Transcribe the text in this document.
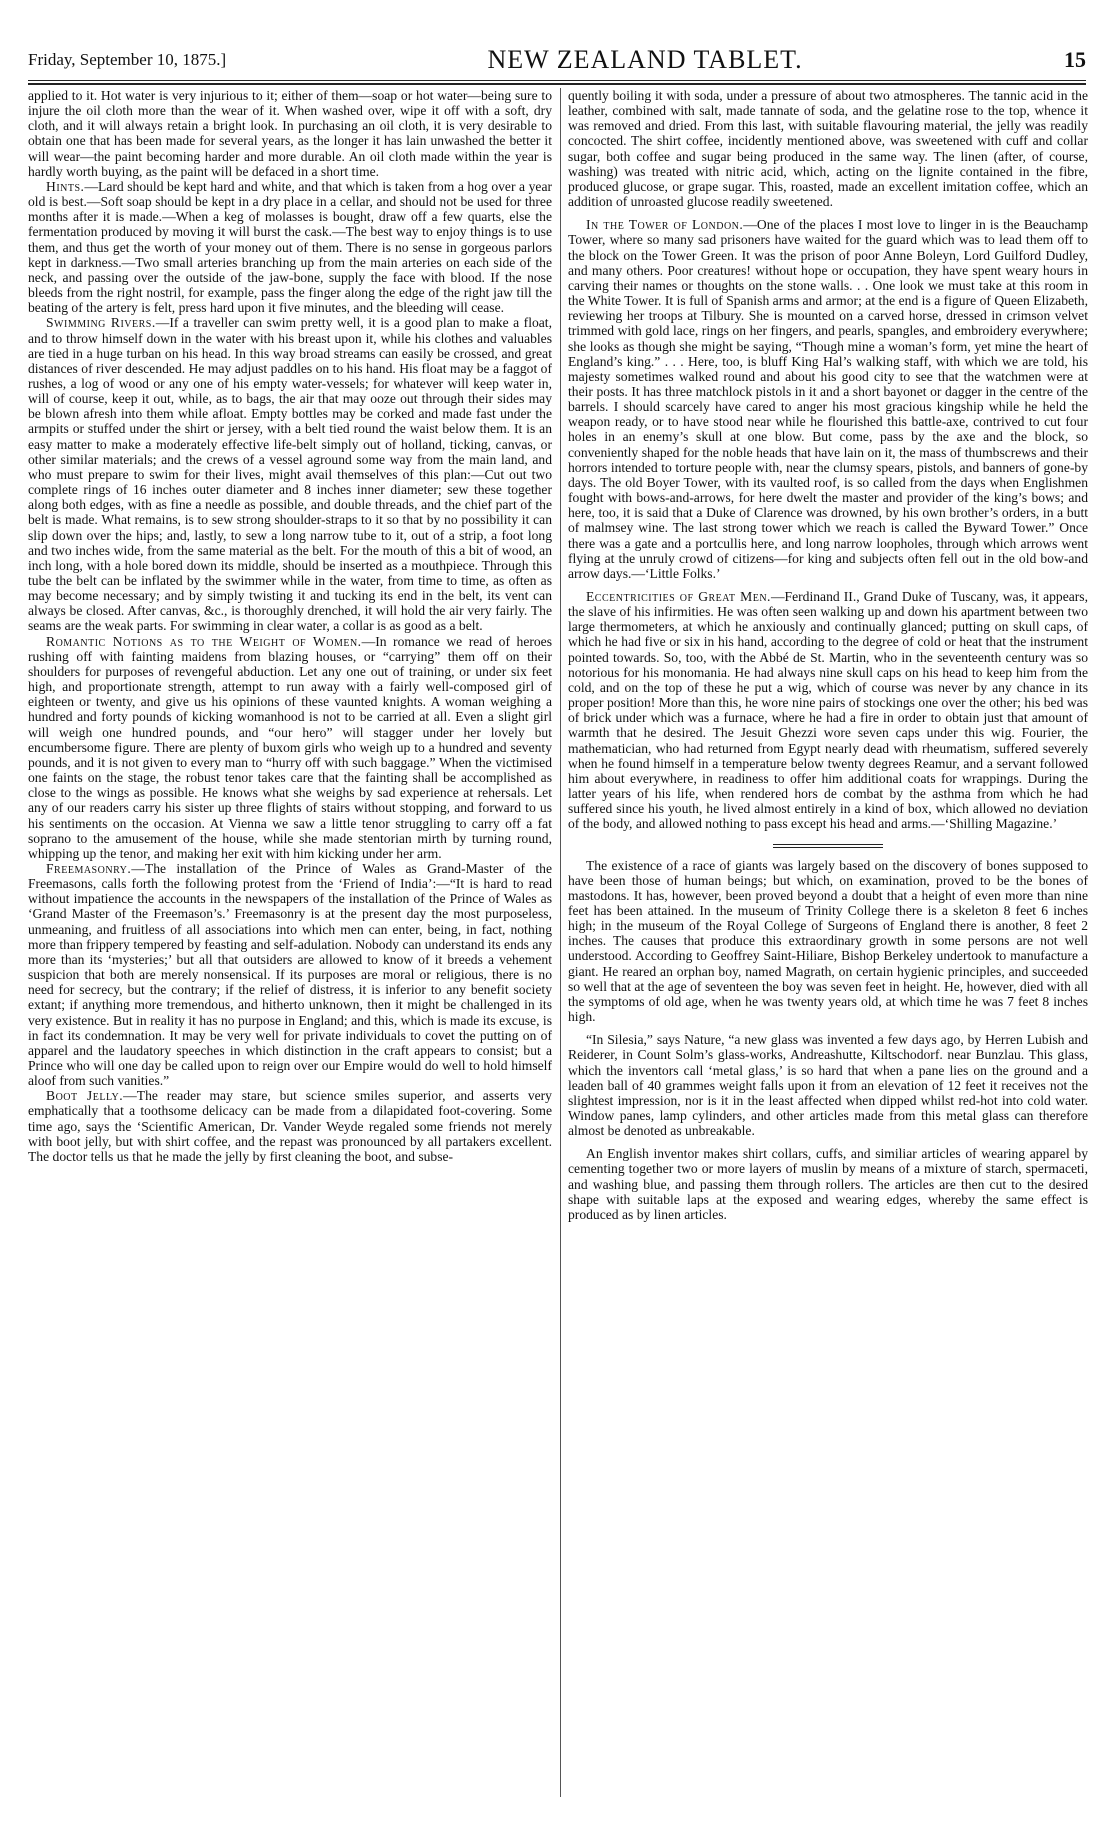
Friday, September 10, 1875.]	NEW ZEALAND TABLET.	15

applied to it. Hot water is very injurious to it; either of them—soap or hot water—being sure to injure the oil cloth more than the wear of it. When washed over, wipe it off with a soft, dry cloth, and it will always retain a bright look. In purchasing an oil cloth, it is very desirable to obtain one that has been made for several years, as the longer it has lain unwashed the better it will wear—the paint becoming harder and more durable. An oil cloth made within the year is hardly worth buying, as the paint will be defaced in a short time.

Hints.—Lard should be kept hard and white, and that which is taken from a hog over a year old is best.—Soft soap should be kept in a dry place in a cellar, and should not be used for three months after it is made.—When a keg of molasses is bought, draw off a few quarts, else the fermentation produced by moving it will burst the cask.—The best way to enjoy things is to use them, and thus get the worth of your money out of them. There is no sense in gorgeous parlors kept in darkness.—Two small arteries branching up from the main arteries on each side of the neck, and passing over the outside of the jaw-bone, supply the face with blood. If the nose bleeds from the right nostril, for example, pass the finger along the edge of the right jaw till the beating of the artery is felt, press hard upon it five minutes, and the bleeding will cease.

Swimming Rivers.—If a traveller can swim pretty well, it is a good plan to make a float, and to throw himself down in the water with his breast upon it, while his clothes and valuables are tied in a huge turban on his head. In this way broad streams can easily be crossed, and great distances of river descended. He may adjust paddles on to his hand. His float may be a faggot of rushes, a log of wood or any one of his empty water-vessels; for whatever will keep water in, will of course, keep it out, while, as to bags, the air that may ooze out through their sides may be blown afresh into them while afloat. Empty bottles may be corked and made fast under the armpits or stuffed under the shirt or jersey, with a belt tied round the waist below them. It is an easy matter to make a moderately effective life-belt simply out of holland, ticking, canvas, or other similar materials; and the crews of a vessel aground some way from the main land, and who must prepare to swim for their lives, might avail themselves of this plan:—Cut out two complete rings of 16 inches outer diameter and 8 inches inner diameter; sew these together along both edges, with as fine a needle as possible, and double threads, and the chief part of the belt is made. What remains, is to sew strong shoulder-straps to it so that by no possibility it can slip down over the hips; and, lastly, to sew a long narrow tube to it, out of a strip, a foot long and two inches wide, from the same material as the belt. For the mouth of this a bit of wood, an inch long, with a hole bored down its middle, should be inserted as a mouthpiece. Through this tube the belt can be inflated by the swimmer while in the water, from time to time, as often as may become necessary; and by simply twisting it and tucking its end in the belt, its vent can always be closed. After canvas, &c., is thoroughly drenched, it will hold the air very fairly. The seams are the weak parts. For swimming in clear water, a collar is as good as a belt.

Romantic Notions as to the Weight of Women.—In romance we read of heroes rushing off with fainting maidens from blazing houses, or “carrying” them off on their shoulders for purposes of revengeful abduction. Let any one out of training, or under six feet high, and proportionate strength, attempt to run away with a fairly well-composed girl of eighteen or twenty, and give us his opinions of these vaunted knights. A woman weighing a hundred and forty pounds of kicking womanhood is not to be carried at all. Even a slight girl will weigh one hundred pounds, and “our hero” will stagger under her lovely but encumbersome figure. There are plenty of buxom girls who weigh up to a hundred and seventy pounds, and it is not given to every man to “hurry off with such baggage.” When the victimised one faints on the stage, the robust tenor takes care that the fainting shall be accomplished as close to the wings as possible. He knows what she weighs by sad experience at rehersals. Let any of our readers carry his sister up three flights of stairs without stopping, and forward to us his sentiments on the occasion. At Vienna we saw a little tenor struggling to carry off a fat soprano to the amusement of the house, while she made stentorian mirth by turning round, whipping up the tenor, and making her exit with him kicking under her arm.

Freemasonry.—The installation of the Prince of Wales as Grand-Master of the Freemasons, calls forth the following protest from the ‘Friend of India’:—“It is hard to read without impatience the accounts in the newspapers of the installation of the Prince of Wales as ‘Grand Master of the Freemason’s.’ Freemasonry is at the present day the most purposeless, unmeaning, and fruitless of all associations into which men can enter, being, in fact, nothing more than frippery tempered by feasting and self-adulation. Nobody can understand its ends any more than its ‘mysteries;’ but all that outsiders are allowed to know of it breeds a vehement suspicion that both are merely nonsensical. If its purposes are moral or religious, there is no need for secrecy, but the contrary; if the relief of distress, it is inferior to any benefit society extant; if anything more tremendous, and hitherto unknown, then it might be challenged in its very existence. But in reality it has no purpose in England; and this, which is made its excuse, is in fact its condemnation. It may be very well for private individuals to covet the putting on of apparel and the laudatory speeches in which distinction in the craft appears to consist; but a Prince who will one day be called upon to reign over our Empire would do well to hold himself aloof from such vanities.”

Boot Jelly.—The reader may stare, but science smiles superior, and asserts very emphatically that a toothsome delicacy can be made from a dilapidated foot-covering. Some time ago, says the ‘Scientific American, Dr. Vander Weyde regaled some friends not merely with boot jelly, but with shirt coffee, and the repast was pronounced by all partakers excellent. The doctor tells us that he made the jelly by first cleaning the boot, and subse-

quently boiling it with soda, under a pressure of about two atmospheres. The tannic acid in the leather, combined with salt, made tannate of soda, and the gelatine rose to the top, whence it was removed and dried. From this last, with suitable flavouring material, the jelly was readily concocted. The shirt coffee, incidently mentioned above, was sweetened with cuff and collar sugar, both coffee and sugar being produced in the same way. The linen (after, of course, washing) was treated with nitric acid, which, acting on the lignite contained in the fibre, produced glucose, or grape sugar. This, roasted, made an excellent imitation coffee, which an addition of unroasted glucose readily sweetened.

In the Tower of London.—One of the places I most love to linger in is the Beauchamp Tower, where so many sad prisoners have waited for the guard which was to lead them off to the block on the Tower Green. It was the prison of poor Anne Boleyn, Lord Guilford Dudley, and many others. Poor creatures! without hope or occupation, they have spent weary hours in carving their names or thoughts on the stone walls. . . One look we must take at this room in the White Tower. It is full of Spanish arms and armor; at the end is a figure of Queen Elizabeth, reviewing her troops at Tilbury. She is mounted on a carved horse, dressed in crimson velvet trimmed with gold lace, rings on her fingers, and pearls, spangles, and embroidery everywhere; she looks as though she might be saying, “Though mine a woman’s form, yet mine the heart of England’s king.” . . . Here, too, is bluff King Hal’s walking staff, with which we are told, his majesty sometimes walked round and about his good city to see that the watchmen were at their posts. It has three matchlock pistols in it and a short bayonet or dagger in the centre of the barrels. I should scarcely have cared to anger his most gracious kingship while he held the weapon ready, or to have stood near while he flourished this battle-axe, contrived to cut four holes in an enemy’s skull at one blow. But come, pass by the axe and the block, so conveniently shaped for the noble heads that have lain on it, the mass of thumbscrews and their horrors intended to torture people with, near the clumsy spears, pistols, and banners of gone-by days. The old Boyer Tower, with its vaulted roof, is so called from the days when Englishmen fought with bows-and-arrows, for here dwelt the master and provider of the king’s bows; and here, too, it is said that a Duke of Clarence was drowned, by his own brother’s orders, in a butt of malmsey wine. The last strong tower which we reach is called the Byward Tower.” Once there was a gate and a portcullis here, and long narrow loopholes, through which arrows went flying at the unruly crowd of citizens—for king and subjects often fell out in the old bow-and arrow days.—‘Little Folks.’

Eccentricities of Great Men.—Ferdinand II., Grand Duke of Tuscany, was, it appears, the slave of his infirmities. He was often seen walking up and down his apartment between two large thermometers, at which he anxiously and continually glanced; putting on skull caps, of which he had five or six in his hand, according to the degree of cold or heat that the instrument pointed towards. So, too, with the Abbé de St. Martin, who in the seventeenth century was so notorious for his monomania. He had always nine skull caps on his head to keep him from the cold, and on the top of these he put a wig, which of course was never by any chance in its proper position! More than this, he wore nine pairs of stockings one over the other; his bed was of brick under which was a furnace, where he had a fire in order to obtain just that amount of warmth that he desired. The Jesuit Ghezzi wore seven caps under this wig. Fourier, the mathematician, who had returned from Egypt nearly dead with rheumatism, suffered severely when he found himself in a temperature below twenty degrees Reamur, and a servant followed him about everywhere, in readiness to offer him additional coats for wrappings. During the latter years of his life, when rendered hors de combat by the asthma from which he had suffered since his youth, he lived almost entirely in a kind of box, which allowed no deviation of the body, and allowed nothing to pass except his head and arms.—‘Shilling Magazine.’

The existence of a race of giants was largely based on the discovery of bones supposed to have been those of human beings; but which, on examination, proved to be the bones of mastodons. It has, however, been proved beyond a doubt that a height of even more than nine feet has been attained. In the museum of Trinity College there is a skeleton 8 feet 6 inches high; in the museum of the Royal College of Surgeons of England there is another, 8 feet 2 inches. The causes that produce this extraordinary growth in some persons are not well understood. According to Geoffrey Saint-Hiliare, Bishop Berkeley undertook to manufacture a giant. He reared an orphan boy, named Magrath, on certain hygienic principles, and succeeded so well that at the age of seventeen the boy was seven feet in height. He, however, died with all the symptoms of old age, when he was twenty years old, at which time he was 7 feet 8 inches high.

“In Silesia,” says Nature, “a new glass was invented a few days ago, by Herren Lubish and Reiderer, in Count Solm’s glass-works, Andreashutte, Kiltschodorf. near Bunzlau. This glass, which the inventors call ‘metal glass,’ is so hard that when a pane lies on the ground and a leaden ball of 40 grammes weight falls upon it from an elevation of 12 feet it receives not the slightest impression, nor is it in the least affected when dipped whilst red-hot into cold water. Window panes, lamp cylinders, and other articles made from this metal glass can therefore almost be denoted as unbreakable.

An English inventor makes shirt collars, cuffs, and similiar articles of wearing apparel by cementing together two or more layers of muslin by means of a mixture of starch, spermaceti, and washing blue, and passing them through rollers. The articles are then cut to the desired shape with suitable laps at the exposed and wearing edges, whereby the same effect is produced as by linen articles.
